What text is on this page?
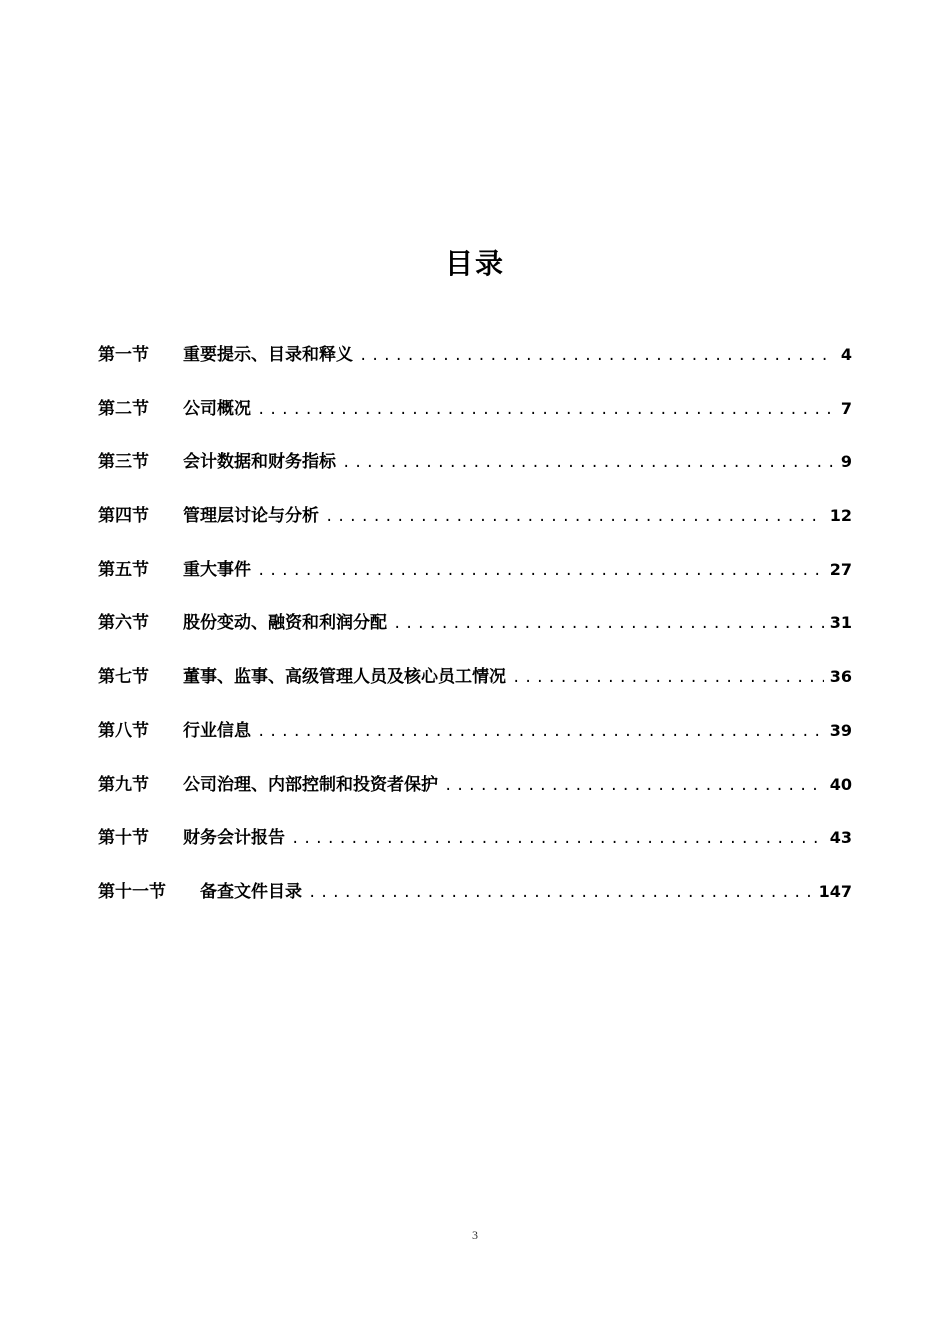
目录
第一节	重要提示、目录和释义 .....	4
第二节	公司概况 .....	7
第三节	会计数据和财务指标 .....	9
第四节	管理层讨论与分析 .....	12
第五节	重大事件 .....	27
第六节	股份变动、融资和利润分配 .....	31
第七节	董事、监事、高级管理人员及核心员工情况 .....	36
第八节	行业信息 .....	39
第九节	公司治理、内部控制和投资者保护 .....	40
第十节	财务会计报告 .....	43
第十一节	备查文件目录 .....	147
3
